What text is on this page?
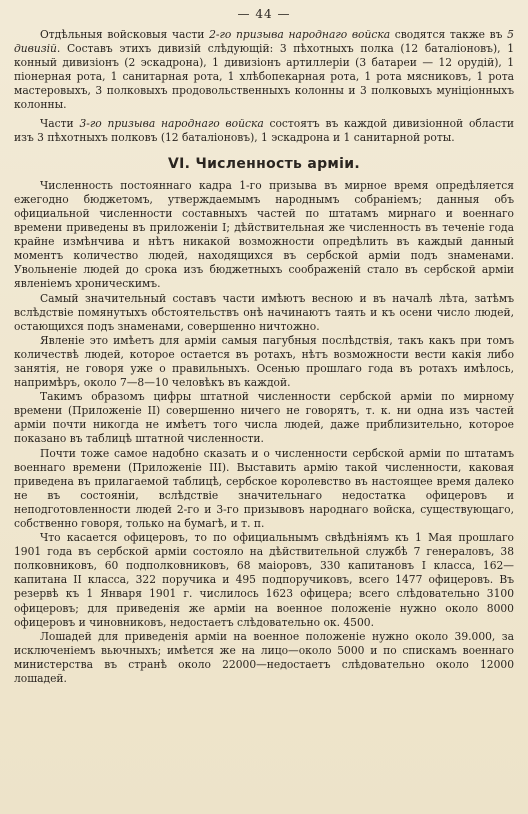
— 44 —

Отдѣльныя войсковыя части 2-го призыва народнаго войска сводятся также въ 5 дивизій. Составъ этихъ дивизій слѣдующій: 3 пѣхотныхъ полка (12 баталіоновъ), 1 конный дивизіонъ (2 эскадрона), 1 дивизіонъ артиллеріи (3 батареи — 12 орудій), 1 піонерная рота, 1 санитарная рота, 1 хлѣбопекарная рота, 1 рота мясниковъ, 1 рота мастеровыхъ, 3 полковыхъ продовольственныхъ колонны и 3 полковыхъ мунiціонныхъ колонны.

Части 3-го призыва народнаго войска состоятъ въ каждой дивизіонной области изъ 3 пѣхотныхъ полковъ (12 баталіоновъ), 1 эскадрона и 1 санитарной роты.

VI. Численность арміи.

Численность постояннаго кадра 1-го призыва въ мирное время опредѣляется ежегодно бюджетомъ, утверждаемымъ народнымъ собраніемъ; данныя объ официальной численности составныхъ частей по штатамъ мирнаго и военнаго времени приведены въ приложеніи I; дѣйствительная же численность въ теченіе года крайне измѣнчива и нѣтъ никакой возможности опредѣлить въ каждый данный моментъ количество людей, находящихся въ сербской арміи подъ знаменами. Увольненіе людей до срока изъ бюджетныхъ соображеній стало въ сербской арміи явленіемъ хроническимъ.

Самый значительный составъ части имѣютъ весною и въ началѣ лѣта, затѣмъ вслѣдствіе помянутыхъ обстоятельствъ онѣ начинаютъ таять и къ осени число людей, остающихся подъ знаменами, совершенно ничтожно.

Явленіе это имѣетъ для арміи самыя пагубныя послѣдствія, такъ какъ при томъ количествѣ людей, которое остается въ ротахъ, нѣтъ возможности вести какія либо занятія, не говоря уже о правильныхъ. Осенью прошлаго года въ ротахъ имѣлось, напримѣръ, около 7—8—10 человѣкъ въ каждой.

Такимъ образомъ цифры штатной численности сербской арміи по мирному времени (Приложеніе II) совершенно ничего не говорятъ, т. к. ни одна изъ частей арміи почти никогда не имѣетъ того числа людей, даже приблизительно, которое показано въ таблицѣ штатной численности.

Почти тоже самое надобно сказать и о численности сербской арміи по штатамъ военнаго времени (Приложеніе III). Выставить армію такой численности, каковая приведена въ прилагаемой таблицѣ, сербское королевство въ настоящее время далеко не въ состояніи, вслѣдствіе значительнаго недостатка офицеровъ и неподготовленности людей 2-го и 3-го призывовъ народнаго войска, существующаго, собственно говоря, только на бумагѣ, и т. п.

Что касается офицеровъ, то по официальнымъ свѣдѣніямъ къ 1 Мая прошлаго 1901 года въ сербской арміи состояло на дѣйствительной службѣ 7 генераловъ, 38 полковниковъ, 60 подполковниковъ, 68 маіоровъ, 330 капитановъ I класса, 162—капитана II класса, 322 поручика и 495 подпоручиковъ, всего 1477 офицеровъ. Въ резервѣ къ 1 Января 1901 г. числилось 1623 офицера; всего слѣдовательно 3100 офицеровъ; для приведенія же арміи на военное положеніе нужно около 8000 офицеровъ и чиновниковъ, недостаетъ слѣдовательно ок. 4500.

Лошадей для приведенія арміи на военное положеніе нужно около 39.000, за исключеніемъ вьючныхъ; имѣется же на лицо—около 5000 и по спискамъ военнаго министерства въ странѣ около 22000—недостаетъ слѣдовательно около 12000 лошадей.
